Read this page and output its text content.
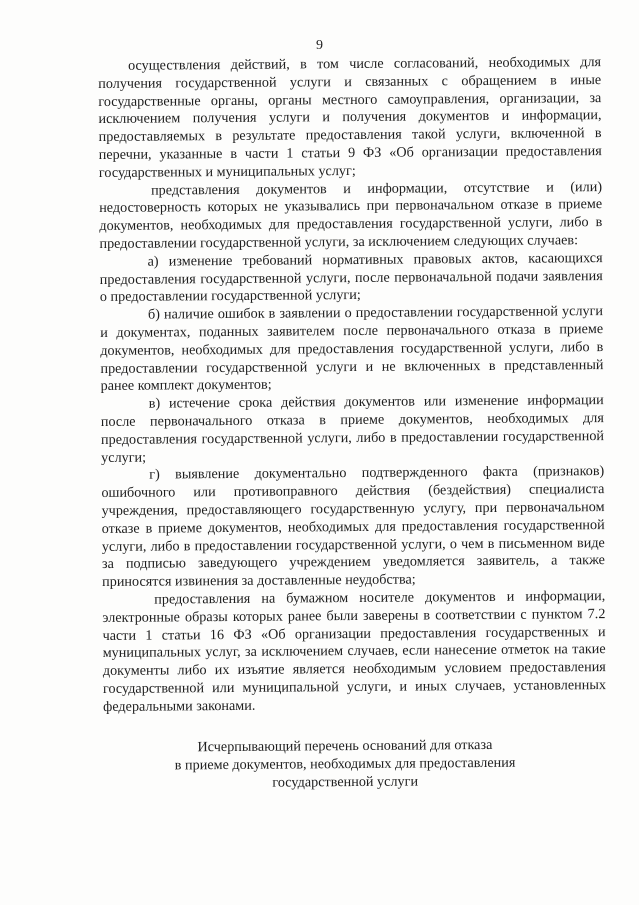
9

осуществления действий, в том числе согласований, необходимых для получения государственной услуги и связанных с обращением в иные государственные органы, органы местного самоуправления, организации, за исключением получения услуги и получения документов и информации, предоставляемых в результате предоставления такой услуги, включенной в перечни, указанные в части 1 статьи 9 ФЗ «Об организации предоставления государственных и муниципальных услуг;

представления документов и информации, отсутствие и (или) недостоверность которых не указывались при первоначальном отказе в приеме документов, необходимых для предоставления государственной услуги, либо в предоставлении государственной услуги, за исключением следующих случаев:

а) изменение требований нормативных правовых актов, касающихся предоставления государственной услуги, после первоначальной подачи заявления о предоставлении государственной услуги;

б) наличие ошибок в заявлении о предоставлении государственной услуги и документах, поданных заявителем после первоначального отказа в приеме документов, необходимых для предоставления государственной услуги, либо в предоставлении государственной услуги и не включенных в представленный ранее комплект документов;

в) истечение срока действия документов или изменение информации после первоначального отказа в приеме документов, необходимых для предоставления государственной услуги, либо в предоставлении государственной услуги;

г) выявление документально подтвержденного факта (признаков) ошибочного или противоправного действия (бездействия) специалиста учреждения, предоставляющего государственную услугу, при первоначальном отказе в приеме документов, необходимых для предоставления государственной услуги, либо в предоставлении государственной услуги, о чем в письменном виде за подписью заведующего учреждением уведомляется заявитель, а также приносятся извинения за доставленные неудобства;

предоставления на бумажном носителе документов и информации, электронные образы которых ранее были заверены в соответствии с пунктом 7.2 части 1 статьи 16 ФЗ «Об организации предоставления государственных и муниципальных услуг, за исключением случаев, если нанесение отметок на такие документы либо их изъятие является необходимым условием предоставления государственной или муниципальной услуги, и иных случаев, установленных федеральными законами.

Исчерпывающий перечень оснований для отказа
в приеме документов, необходимых для предоставления
государственной услуги
